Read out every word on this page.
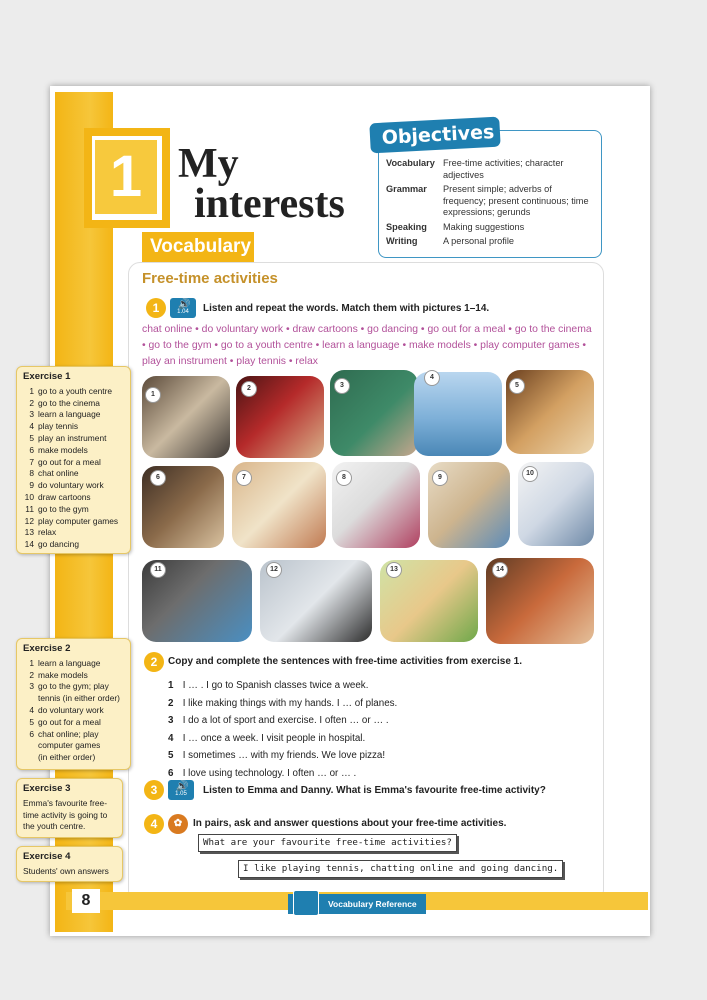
1 My
interests
Vocabulary
Objectives
Vocabulary Free-time activities; character adjectives
Grammar	Present simple; adverbs of frequency; present continuous; time expressions; gerunds
Speaking	Making suggestions
Writing	A personal profile
Free-time activities
1	🔊
1.04	Listen and repeat the words. Match them with pictures 1–14.
chat online • do voluntary work • draw cartoons • go dancing • go out for a meal • go to the cinema • go to the gym • go to a youth centre • learn a language • make models • play computer games • play an instrument • play tennis • relax
1
2	3
4
5
6	7	8	9
10
11	12	13	14
2	Copy and complete the sentences with free-time activities from exercise 1.
1 I … . I go to Spanish classes twice a week.
2 I like making things with my hands. I … of planes.
3 I do a lot of sport and exercise. I often … or … .
4 I … once a week. I visit people in hospital.
5 I sometimes … with my friends. We love pizza!
6 I love using technology. I often … or … .
3	🔊
1.05	Listen to Emma and Danny. What is Emma's favourite free-time activity?
4	✿	In pairs, ask and answer questions about your free-time activities.
What are your favourite free-time activities?
I like playing tennis, chatting online and going dancing.
Exercise 1
1 go to a youth centre
2 go to the cinema
3 learn a language
4 play tennis
5 play an instrument
6 make models
7 go out for a meal
8 chat online
9 do voluntary work
10 draw cartoons
11 go to the gym
12 play computer games
13 relax
14 go dancing
Exercise 2
1 learn a language
2 make models
3 go to the gym; play
tennis (in either order)
4 do voluntary work
5 go out for a meal
6 chat online; play
computer games
(in either order)
Exercise 3
Emma's favourite free-time activity is going to the youth centre.
Exercise 4
Students' own answers
8	Vocabulary Reference
